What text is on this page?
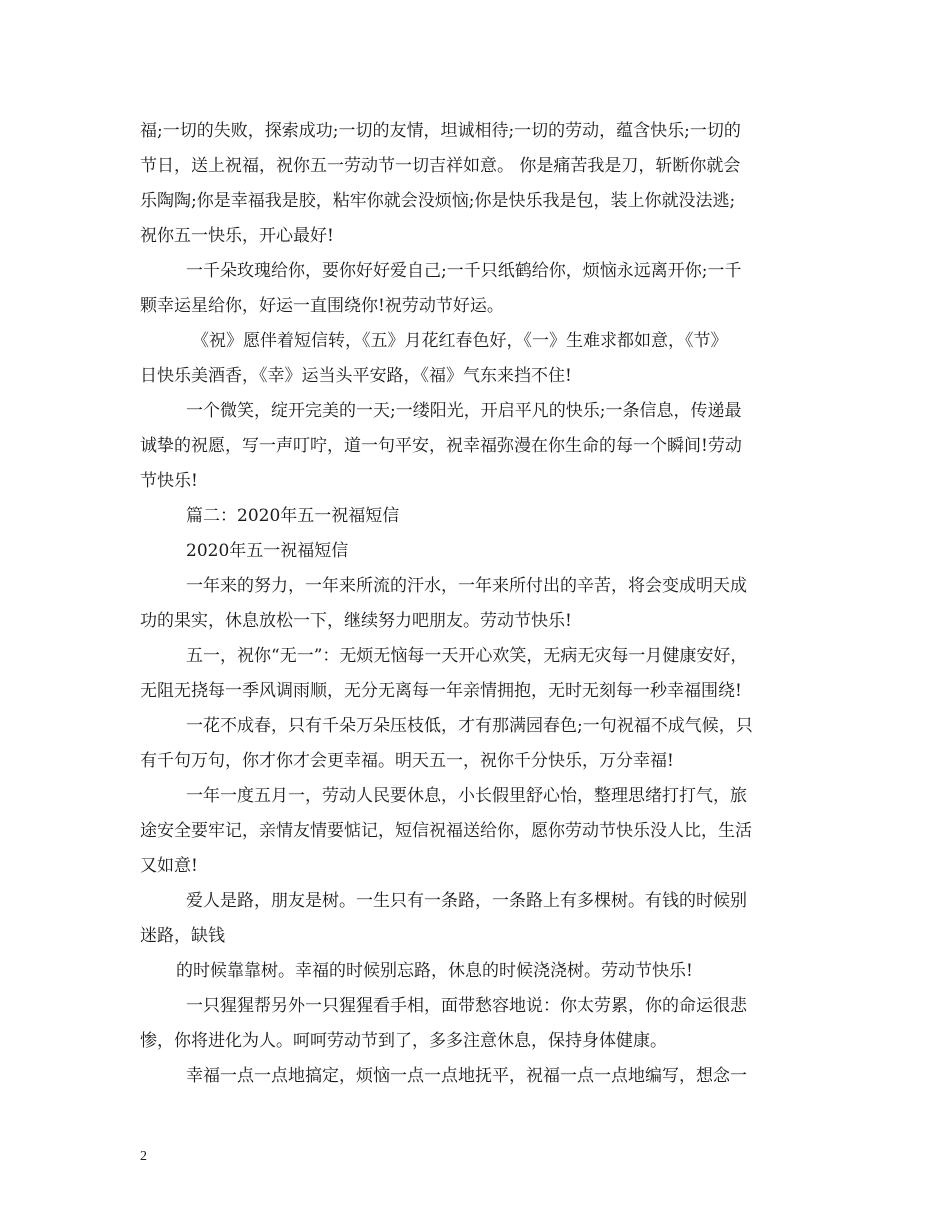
福;一切的失败，探索成功;一切的友情，坦诚相待;一切的劳动，蕴含快乐;一切的
节日，送上祝福，祝你五一劳动节一切吉祥如意。 你是痛苦我是刀，斩断你就会
乐陶陶;你是幸福我是胶，粘牢你就会没烦恼;你是快乐我是包，装上你就没法逃;
祝你五一快乐，开心最好!
一千朵玫瑰给你，要你好好爱自己;一千只纸鹤给你，烦恼永远离开你;一千
颗幸运星给你，好运一直围绕你!祝劳动节好运。
《祝》愿伴着短信转，《五》月花红春色好，《一》生难求都如意，《节》
日快乐美酒香，《幸》运当头平安路，《福》气东来挡不住!
一个微笑，绽开完美的一天;一缕阳光，开启平凡的快乐;一条信息，传递最
诚挚的祝愿，写一声叮咛，道一句平安，祝幸福弥漫在你生命的每一个瞬间!劳动
节快乐!
篇二：2020年五一祝福短信
2020年五一祝福短信
一年来的努力，一年来所流的汗水，一年来所付出的辛苦，将会变成明天成
功的果实，休息放松一下，继续努力吧朋友。劳动节快乐!
五一，祝你“无一”：无烦无恼每一天开心欢笑，无病无灾每一月健康安好，
无阻无挠每一季风调雨顺，无分无离每一年亲情拥抱，无时无刻每一秒幸福围绕!
一花不成春，只有千朵万朵压枝低，才有那满园春色;一句祝福不成气候，只
有千句万句，你才你才会更幸福。明天五一，祝你千分快乐，万分幸福!
一年一度五月一，劳动人民要休息，小长假里舒心怡，整理思绪打打气，旅
途安全要牢记，亲情友情要惦记，短信祝福送给你，愿你劳动节快乐没人比，生活
又如意!
爱人是路，朋友是树。一生只有一条路，一条路上有多棵树。有钱的时候别
迷路，缺钱
的时候靠靠树。幸福的时候别忘路，休息的时候浇浇树。劳动节快乐!
一只猩猩帮另外一只猩猩看手相，面带愁容地说：你太劳累，你的命运很悲
惨，你将进化为人。呵呵劳动节到了，多多注意休息，保持身体健康。
幸福一点一点地搞定，烦恼一点一点地抚平，祝福一点一点地编写，想念一
2
